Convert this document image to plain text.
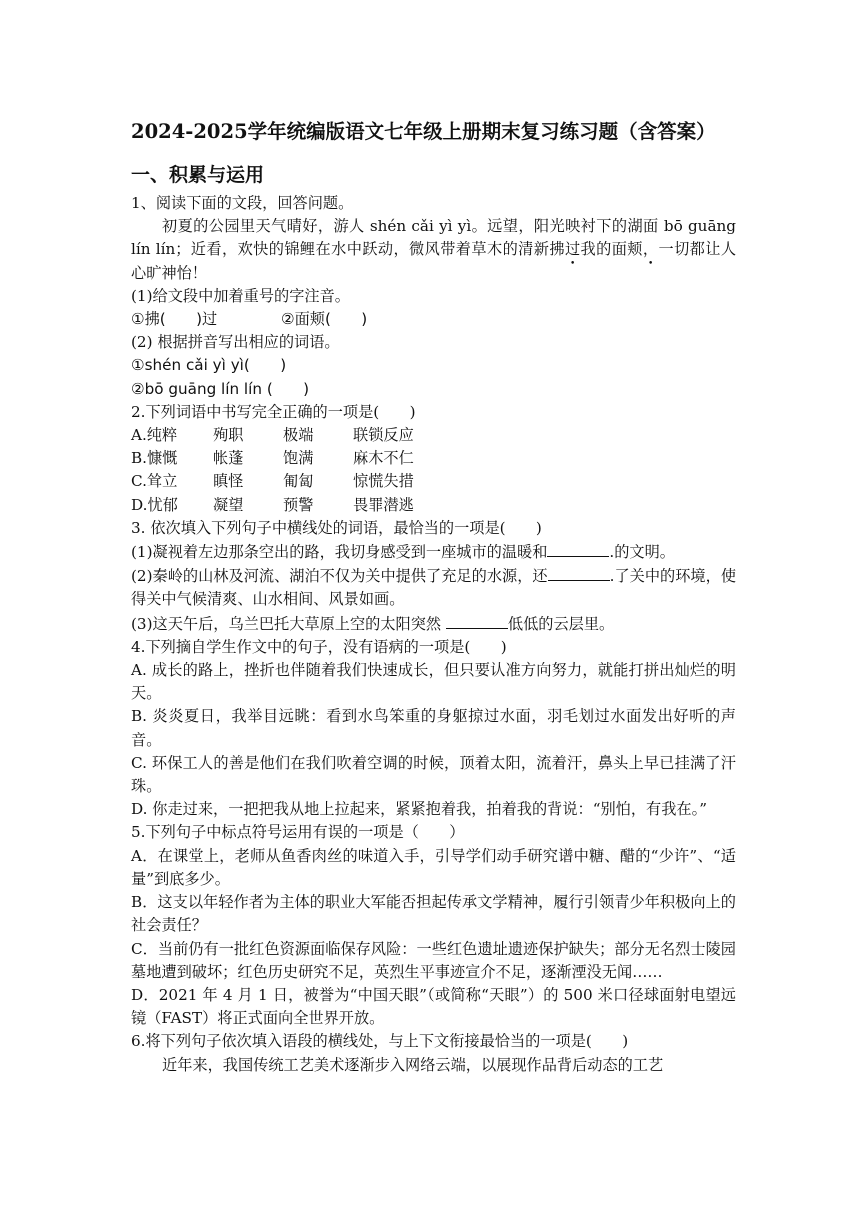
2024-2025学年统编版语文七年级上册期末复习练习题（含答案）
一、积累与运用

1、阅读下面的文段，回答问题。

初夏的公园里天气晴好，游人 shén cǎi yì yì。远望，阳光映衬下的湖面 bō guāng lín lín；近看，欢快的锦鲤在水中跃动，微风带着草木的清新拂过我的面颊，一切都让人心旷神怡！

(1)给文段中加着重号的字注音。

①拂(　　)过	②面颊(　　)

(2) 根据拼音写出相应的词语。

①shén cǎi yì yì(　　)

②bō guāng lín lín (　　)

2.下列词语中书写完全正确的一项是(　　)

A.纯粹	殉职	极端	联锁反应

B.慷慨	帐蓬	饱满	麻木不仁

C.耸立	瞋怪	匍匐	惊慌失措

D.忧郁	凝望	预警	畏罪潜逃

3. 依次填入下列句子中横线处的词语，最恰当的一项是(　　)

(1)凝视着左边那条空出的路，我切身感受到一座城市的温暖和	.的文明。

(2)秦岭的山林及河流、湖泊不仅为关中提供了充足的水源，还	.了关中的环境，使得关中气候清爽、山水相间、风景如画。

(3)这天午后，乌兰巴托大草原上空的太阳突然	低低的云层里。

4.下列摘自学生作文中的句子，没有语病的一项是(　　)

A. 成长的路上，挫折也伴随着我们快速成长，但只要认准方向努力，就能打拼出灿烂的明天。

B. 炎炎夏日，我举目远眺：看到水鸟笨重的身躯掠过水面，羽毛划过水面发出好听的声音。

C. 环保工人的善是他们在我们吹着空调的时候，顶着太阳，流着汗，鼻头上早已挂满了汗珠。

D. 你走过来，一把把我从地上拉起来，紧紧抱着我，拍着我的背说：“别怕，有我在。”

5.下列句子中标点符号运用有误的一项是（　　）

A．在课堂上，老师从鱼香肉丝的味道入手，引导学们动手研究谱中糖、醋的“少许”、“适量”到底多少。

B．这支以年轻作者为主体的职业大军能否担起传承文学精神，履行引领青少年积极向上的社会责任？

C．当前仍有一批红色资源面临保存风险：一些红色遗址遗迹保护缺失；部分无名烈士陵园墓地遭到破坏；红色历史研究不足，英烈生平事迹宣介不足，逐渐湮没无闻……

D．2021 年 4 月 1 日，被誉为“中国天眼”（或简称“天眼”）的 500 米口径球面射电望远镜（FAST）将正式面向全世界开放。

6.将下列句子依次填入语段的横线处，与上下文衔接最恰当的一项是(　　)

近年来，我国传统工艺美术逐渐步入网络云端，以展现作品背后动态的工艺
